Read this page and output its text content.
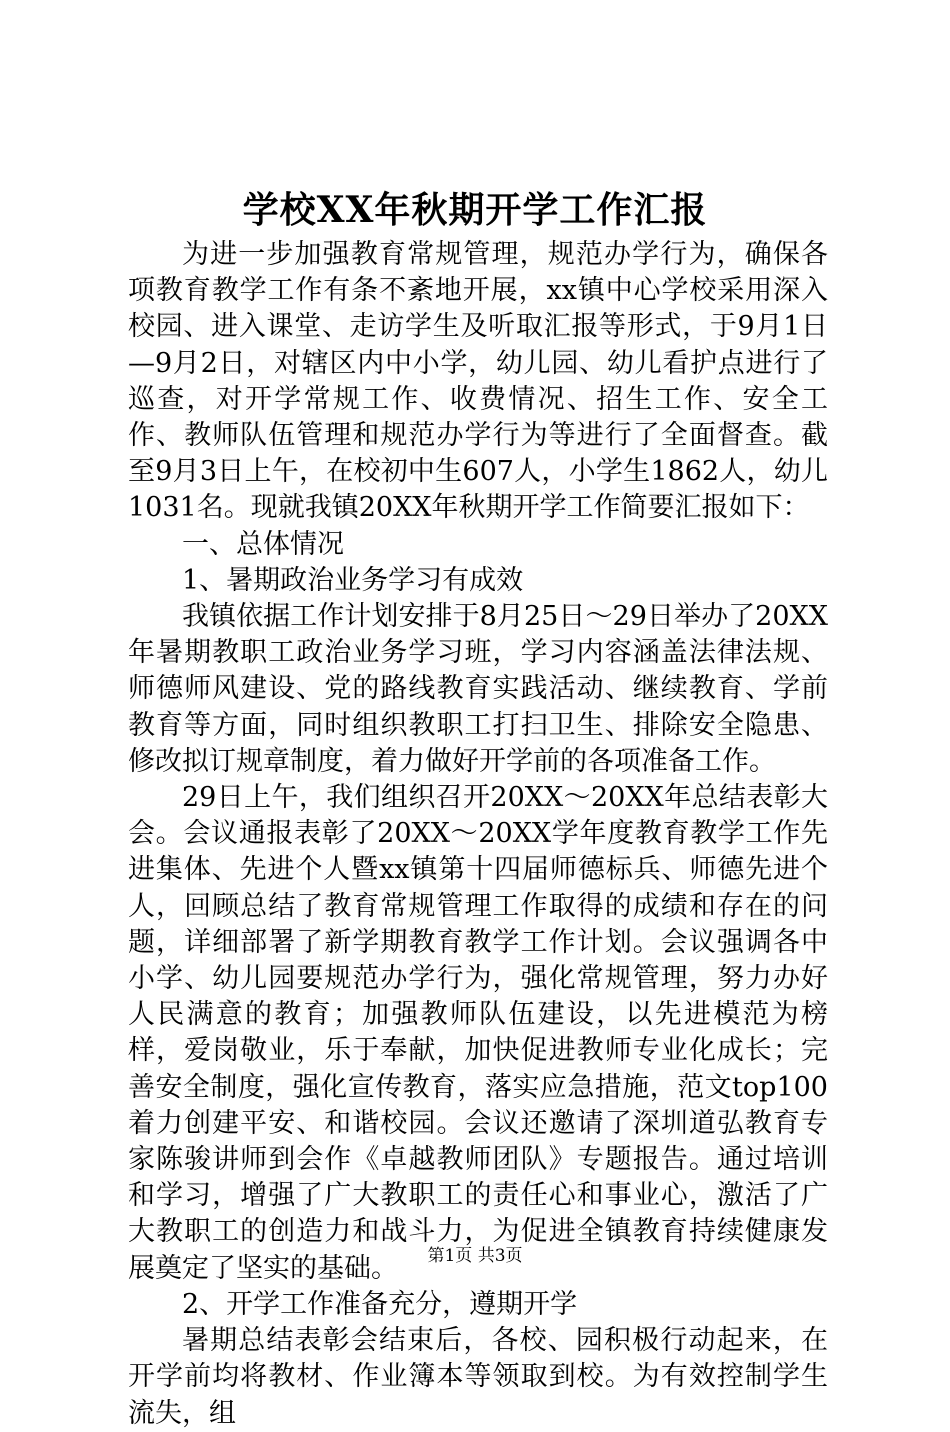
学校XX年秋期开学工作汇报

为进一步加强教育常规管理，规范办学行为，确保各项教育教学工作有条不紊地开展，xx镇中心学校采用深入校园、进入课堂、走访学生及听取汇报等形式，于9月1日—9月2日，对辖区内中小学，幼儿园、幼儿看护点进行了巡查，对开学常规工作、收费情况、招生工作、安全工作、教师队伍管理和规范办学行为等进行了全面督查。截至9月3日上午，在校初中生607人，小学生1862人，幼儿1031名。现就我镇20XX年秋期开学工作简要汇报如下：

一、总体情况

1、暑期政治业务学习有成效

我镇依据工作计划安排于8月25日～29日举办了20XX年暑期教职工政治业务学习班，学习内容涵盖法律法规、师德师风建设、党的路线教育实践活动、继续教育、学前教育等方面，同时组织教职工打扫卫生、排除安全隐患、修改拟订规章制度，着力做好开学前的各项准备工作。

29日上午，我们组织召开20XX～20XX年总结表彰大会。会议通报表彰了20XX～20XX学年度教育教学工作先进集体、先进个人暨xx镇第十四届师德标兵、师德先进个人，回顾总结了教育常规管理工作取得的成绩和存在的问题，详细部署了新学期教育教学工作计划。会议强调各中小学、幼儿园要规范办学行为，强化常规管理，努力办好人民满意的教育；加强教师队伍建设，以先进模范为榜样，爱岗敬业，乐于奉献，加快促进教师专业化成长；完善安全制度，强化宣传教育，落实应急措施，范文top100着力创建平安、和谐校园。会议还邀请了深圳道弘教育专家陈骏讲师到会作《卓越教师团队》专题报告。通过培训和学习，增强了广大教职工的责任心和事业心，激活了广大教职工的创造力和战斗力，为促进全镇教育持续健康发展奠定了坚实的基础。

2、开学工作准备充分，遵期开学

暑期总结表彰会结束后，各校、园积极行动起来，在开学前均将教材、作业簿本等领取到校。为有效控制学生流失，组

第1页 共3页
